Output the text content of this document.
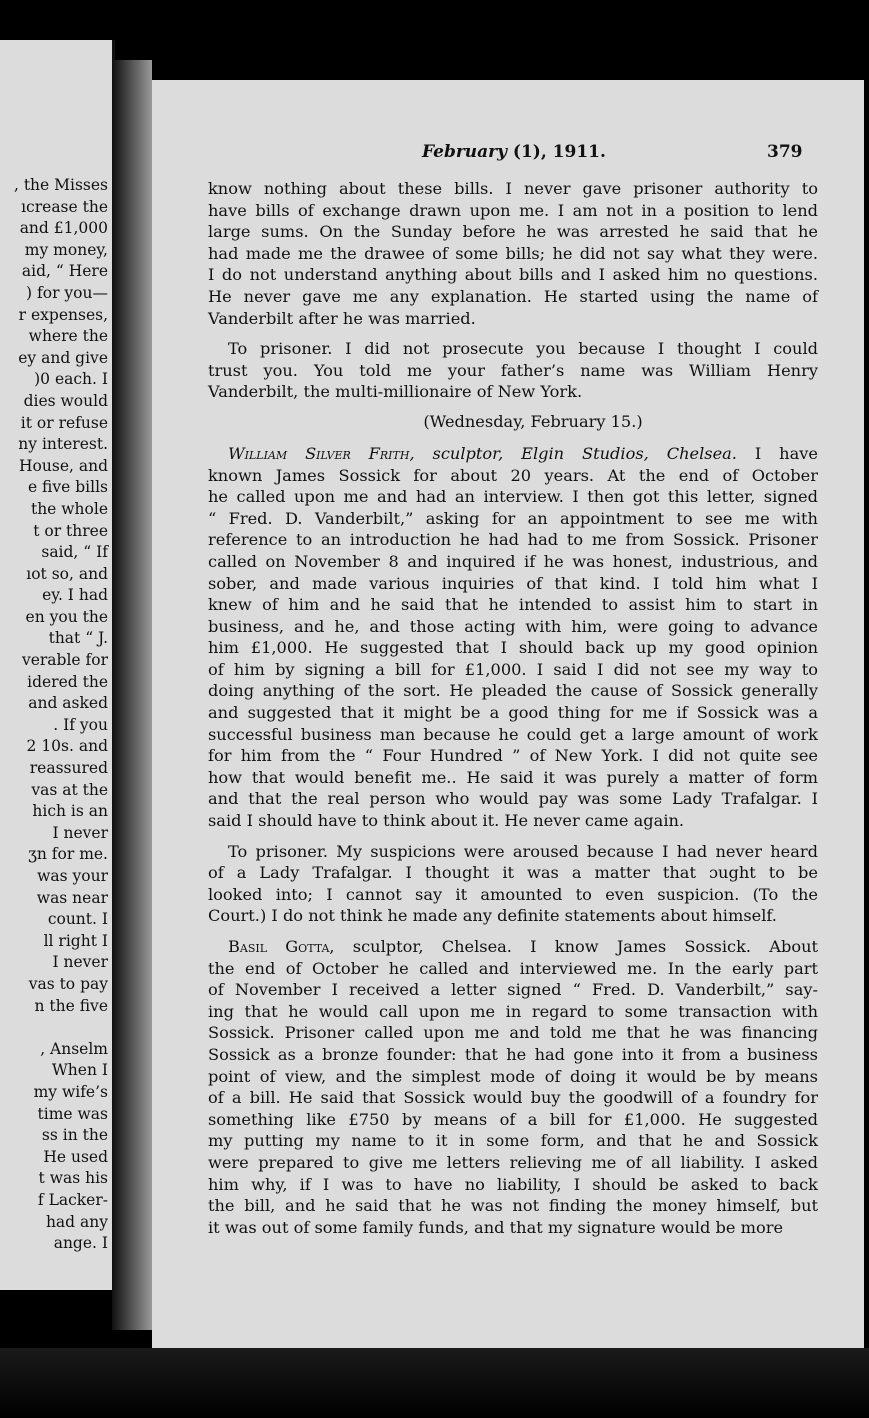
, the Misses
ıcrease the
and £1,000
my money,
aid, “ Here
) for you—
r expenses,
where the
ey and give
)0 each. I
dies would
it or refuse
ny interest.
House, and
e five bills
the whole
t or three
said, “ If
ıot so, and
ey. I had
en you the
that “ J.
verable for
idered the
and asked
. If you
2 10s. and
reassured
vas at the
hich is an
I never
ʒn for me.
was your
was near
count. I
ll right I
I never
vas to pay
n the five

, Anselm
When I
my wife’s
time was
ss in the
He used
t was his
f Lacker-
had any
ange. I
February (1), 1911.	379
know nothing about these bills. I never gave prisoner authority to
have bills of exchange drawn upon me. I am not in a position to lend
large sums. On the Sunday before he was arrested he said that he
had made me the drawee of some bills; he did not say what they were.
I do not understand anything about bills and I asked him no questions.
He never gave me any explanation. He started using the name of
Vanderbilt after he was married.
To prisoner. I did not prosecute you because I thought I could
trust you. You told me your father’s name was William Henry
Vanderbilt, the multi-millionaire of New York.
(Wednesday, February 15.)
William Silver Frith, sculptor, Elgin Studios, Chelsea. I have
known James Sossick for about 20 years. At the end of October
he called upon me and had an interview. I then got this letter, signed
“ Fred. D. Vanderbilt,” asking for an appointment to see me with
reference to an introduction he had had to me from Sossick. Prisoner
called on November 8 and inquired if he was honest, industrious, and
sober, and made various inquiries of that kind. I told him what I
knew of him and he said that he intended to assist him to start in
business, and he, and those acting with him, were going to advance
him £1,000. He suggested that I should back up my good opinion
of him by signing a bill for £1,000. I said I did not see my way to
doing anything of the sort. He pleaded the cause of Sossick generally
and suggested that it might be a good thing for me if Sossick was a
successful business man because he could get a large amount of work
for him from the “ Four Hundred ” of New York. I did not quite see
how that would benefit me.. He said it was purely a matter of form
and that the real person who would pay was some Lady Trafalgar. I
said I should have to think about it. He never came again.
To prisoner. My suspicions were aroused because I had never heard
of a Lady Trafalgar. I thought it was a matter that ɔught to be
looked into; I cannot say it amounted to even suspicion. (To the
Court.) I do not think he made any definite statements about himself.
Basil Gotta, sculptor, Chelsea. I know James Sossick. About
the end of October he called and interviewed me. In the early part
of November I received a letter signed “ Fred. D. Vanderbilt,” say-
ing that he would call upon me in regard to some transaction with
Sossick. Prisoner called upon me and told me that he was financing
Sossick as a bronze founder: that he had gone into it from a business
point of view, and the simplest mode of doing it would be by means
of a bill. He said that Sossick would buy the goodwill of a foundry for
something like £750 by means of a bill for £1,000. He suggested
my putting my name to it in some form, and that he and Sossick
were prepared to give me letters relieving me of all liability. I asked
him why, if I was to have no liability, I should be asked to back
the bill, and he said that he was not finding the money himself, but
it was out of some family funds, and that my signature would be more
